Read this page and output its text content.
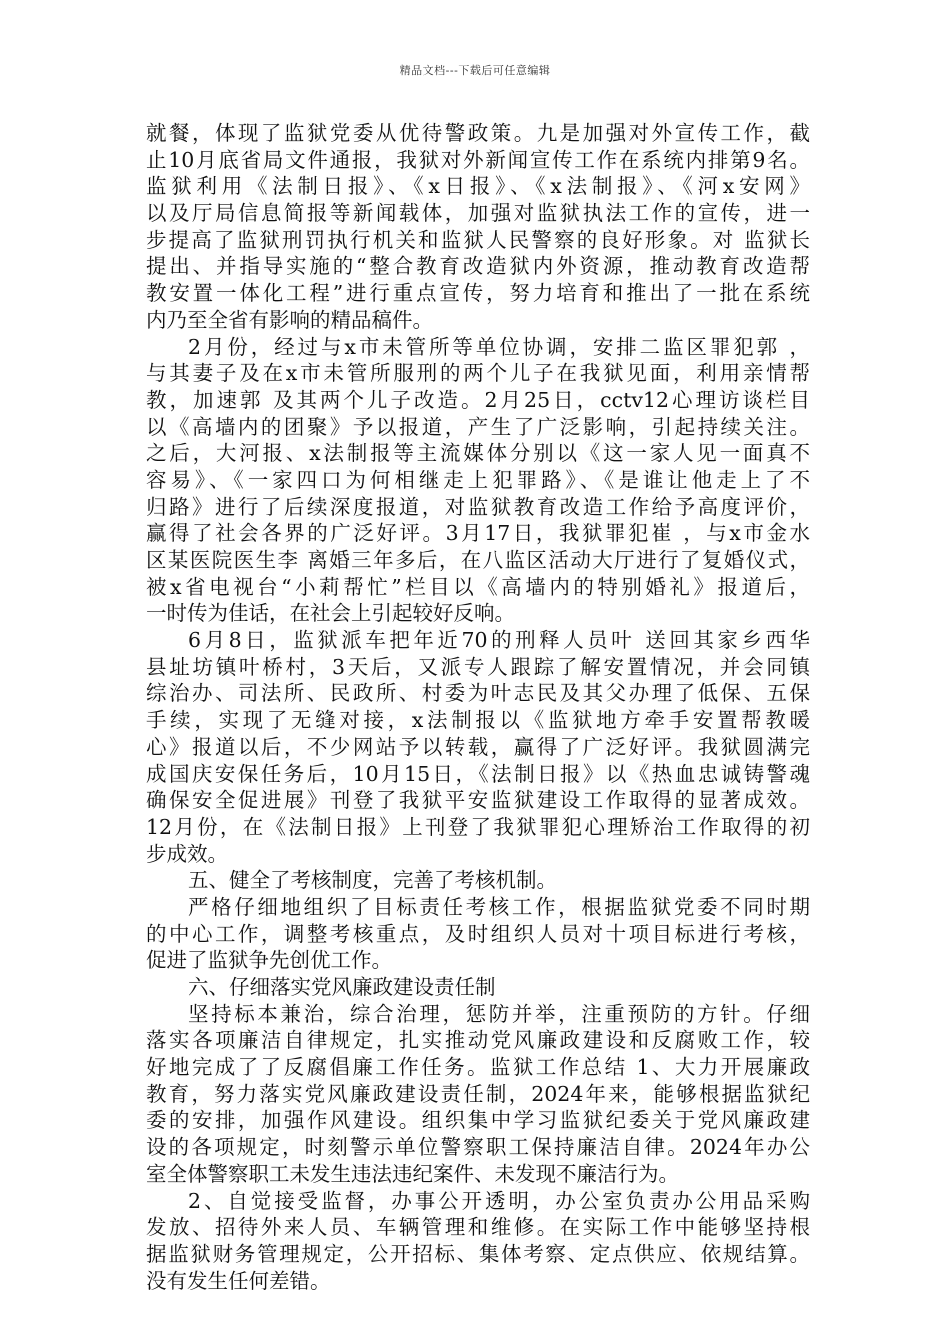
精品文档---下载后可任意编辑
就餐，体现了监狱党委从优待警政策。九是加强对外宣传工作，截
止10月底省局文件通报，我狱对外新闻宣传工作在系统内排第9名。
监狱利用《法制日报》、《x日报》、《x法制报》、《河x安网》
以及厅局信息简报等新闻载体，加强对监狱执法工作的宣传，进一
步提高了监狱刑罚执行机关和监狱人民警察的良好形象。对 监狱长
提出、并指导实施的“整合教育改造狱内外资源，推动教育改造帮
教安置一体化工程”进行重点宣传，努力培育和推出了一批在系统
内乃至全省有影响的精品稿件。
2月份，经过与x市未管所等单位协调，安排二监区罪犯郭 ，
与其妻子及在x市未管所服刑的两个儿子在我狱见面，利用亲情帮
教，加速郭 及其两个儿子改造。2月25日，cctv12心理访谈栏目
以《高墙内的团聚》予以报道，产生了广泛影响，引起持续关注。
之后，大河报、x法制报等主流媒体分别以《这一家人见一面真不
容易》、《一家四口为何相继走上犯罪路》、《是谁让他走上了不
归路》进行了后续深度报道，对监狱教育改造工作给予高度评价，
赢得了社会各界的广泛好评。3月17日，我狱罪犯崔 ，与x市金水
区某医院医生李 离婚三年多后，在八监区活动大厅进行了复婚仪式，
被x省电视台“小莉帮忙”栏目以《高墙内的特别婚礼》报道后，
一时传为佳话，在社会上引起较好反响。
6月8日，监狱派车把年近70的刑释人员叶 送回其家乡西华
县址坊镇叶桥村，3天后，又派专人跟踪了解安置情况，并会同镇
综治办、司法所、民政所、村委为叶志民及其父办理了低保、五保
手续，实现了无缝对接，x法制报以《监狱地方牵手安置帮教暖
心》报道以后，不少网站予以转载，赢得了广泛好评。我狱圆满完
成国庆安保任务后，10月15日，《法制日报》以《热血忠诚铸警魂
确保安全促进展》刊登了我狱平安监狱建设工作取得的显著成效。
12月份，在《法制日报》上刊登了我狱罪犯心理矫治工作取得的初
步成效。
五、健全了考核制度，完善了考核机制。
严格仔细地组织了目标责任考核工作，根据监狱党委不同时期
的中心工作，调整考核重点，及时组织人员对十项目标进行考核，
促进了监狱争先创优工作。
六、仔细落实党风廉政建设责任制
坚持标本兼治，综合治理，惩防并举，注重预防的方针。仔细
落实各项廉洁自律规定，扎实推动党风廉政建设和反腐败工作，较
好地完成了了反腐倡廉工作任务。监狱工作总结 1、大力开展廉政
教育，努力落实党风廉政建设责任制，2024年来，能够根据监狱纪
委的安排，加强作风建设。组织集中学习监狱纪委关于党风廉政建
设的各项规定，时刻警示单位警察职工保持廉洁自律。2024年办公
室全体警察职工未发生违法违纪案件、未发现不廉洁行为。
2、自觉接受监督，办事公开透明，办公室负责办公用品采购
发放、招待外来人员、车辆管理和维修。在实际工作中能够坚持根
据监狱财务管理规定，公开招标、集体考察、定点供应、依规结算。
没有发生任何差错。
